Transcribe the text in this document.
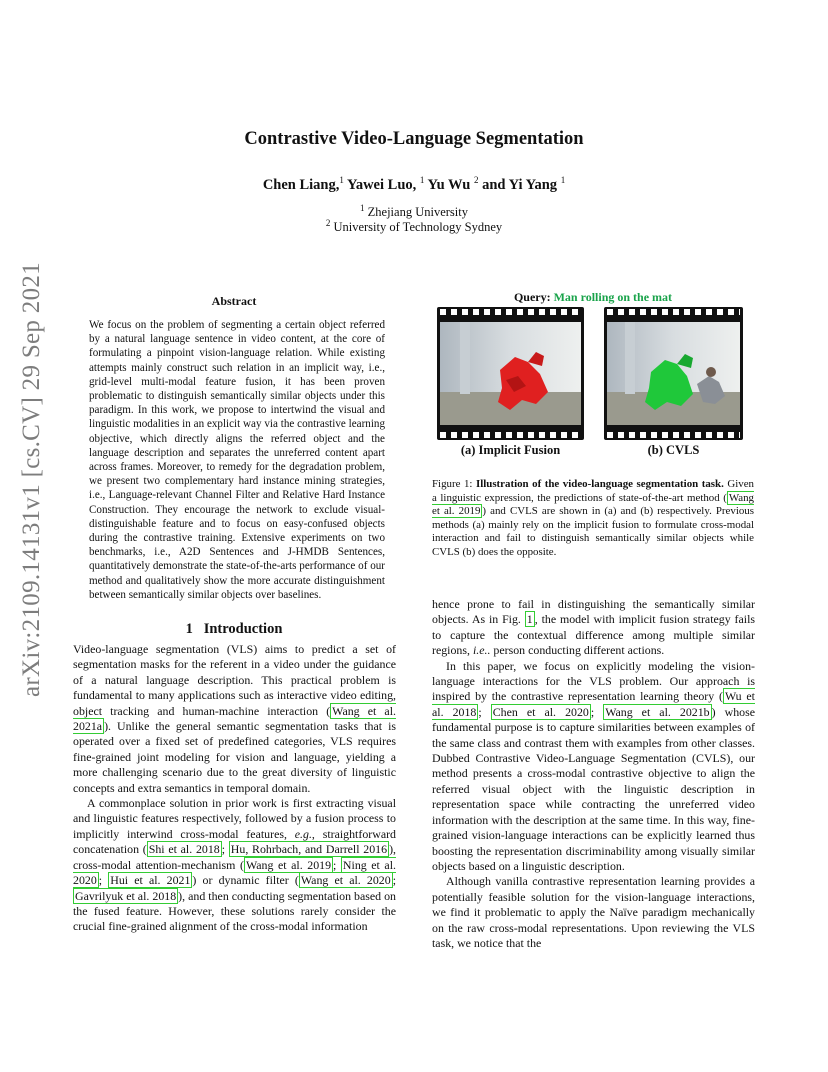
arXiv:2109.14131v1 [cs.CV] 29 Sep 2021
Contrastive Video-Language Segmentation
Chen Liang,$^1$ Yawei Luo, $^1$ Yu Wu $^2$ and Yi Yang $^1$
$^1$ Zhejiang University
$^2$ University of Technology Sydney
Abstract
We focus on the problem of segmenting a certain object referred by a natural language sentence in video content, at the core of formulating a pinpoint vision-language relation. While existing attempts mainly construct such relation in an implicit way, i.e., grid-level multi-modal feature fusion, it has been proven problematic to distinguish semantically similar objects under this paradigm. In this work, we propose to intertwind the visual and linguistic modalities in an explicit way via the contrastive learning objective, which directly aligns the referred object and the language description and separates the unreferred content apart across frames. Moreover, to remedy for the degradation problem, we present two complementary hard instance mining strategies, i.e., Language-relevant Channel Filter and Relative Hard Instance Construction. They encourage the network to exclude visual-distinguishable feature and to focus on easy-confused objects during the contrastive training. Extensive experiments on two benchmarks, i.e., A2D Sentences and J-HMDB Sentences, quantitatively demonstrate the state-of-the-arts performance of our method and qualitatively show the more accurate distinguishment between semantically similar objects over baselines.
1 Introduction

Video-language segmentation (VLS) aims to predict a set of segmentation masks for the referent in a video under the guidance of a natural language description. This practical problem is fundamental to many applications such as interactive video editing, object tracking and human-machine interaction ( Wang et al. 2021a ). Unlike the general semantic segmentation tasks that is operated over a fixed set of predefined categories, VLS requires fine-grained joint modeling for vision and language, yielding a more challenging scenario due to the great diversity of linguistic concepts and extra semantics in temporal domain.

A commonplace solution in prior work is first extracting visual and linguistic features respectively, followed by a fusion process to implicitly interwind cross-modal features, e.g., straightforward concatenation ( Shi et al. 2018 ; Hu, Rohrbach, and Darrell 2016 ), cross-modal attention-mechanism ( Wang et al. 2019 ; Ning et al. 2020 ; Hui et al. 2021 ) or dynamic filter ( Wang et al. 2020 ; Gavrilyuk et al. 2018 ), and then conducting segmentation based on the fused feature. However, these solutions rarely consider the crucial fine-grained alignment of the cross-modal information

Query: Man rolling on the mat
(a) Implicit Fusion	(b) CVLS
Figure 1: Illustration of the video-language segmentation task. Given a linguistic expression, the predictions of state-of-the-art method ( Wang et al. 2019 ) and CVLS are shown in (a) and (b) respectively. Previous methods (a) mainly rely on the implicit fusion to formulate cross-modal interaction and fail to distinguish semantically similar objects while CVLS (b) does the opposite.

hence prone to fail in distinguishing the semantically similar objects. As in Fig. 1 , the model with implicit fusion strategy fails to capture the contextual difference among multiple similar regions, i.e.. person conducting different actions.

In this paper, we focus on explicitly modeling the vision-language interactions for the VLS problem. Our approach is inspired by the contrastive representation learning theory ( Wu et al. 2018 ; Chen et al. 2020 ; Wang et al. 2021b ) whose fundamental purpose is to capture similarities between examples of the same class and contrast them with examples from other classes. Dubbed Contrastive Video-Language Segmentation (CVLS), our method presents a cross-modal contrastive objective to align the referred visual object with the linguistic description in representation space while contracting the unreferred video information with the description at the same time. In this way, fine-grained vision-language interactions can be explicitly learned thus boosting the representation discriminability among visually similar objects based on a linguistic description.

Although vanilla contrastive representation learning provides a potentially feasible solution for the vision-language interactions, we find it problematic to apply the Naïve paradigm mechanically on the raw cross-modal representations. Upon reviewing the VLS task, we notice that the
